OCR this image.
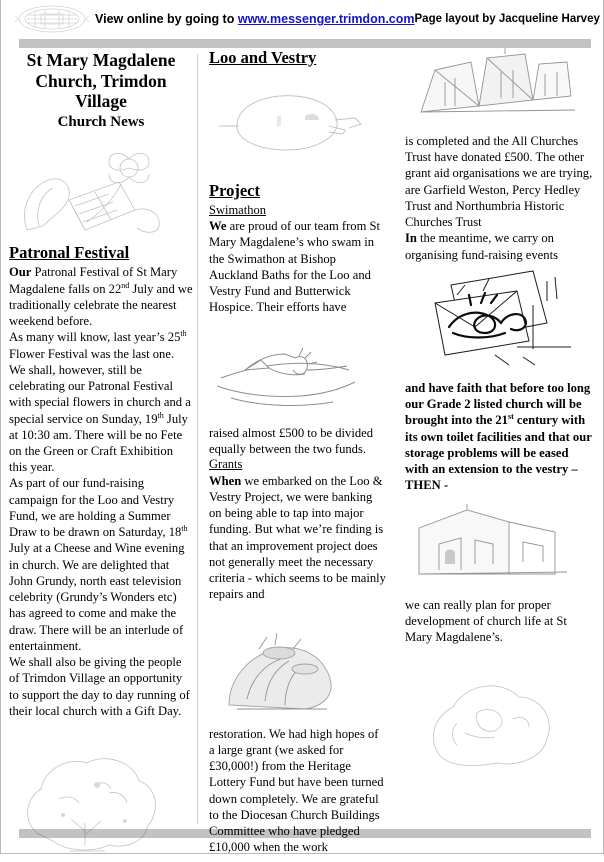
View online by going to www.messenger.trimdon.com Page layout by Jacqueline Harvey
St Mary Magdalene
Church, Trimdon
Village
Church News
Patronal Festival

Our Patronal Festival of St Mary Magdalene falls on 22nd July and we traditionally celebrate the nearest weekend before.

As many will know, last year’s 25th Flower Festival was the last one. We shall, however, still be celebrating our Patronal Festival with special flowers in church and a special service on Sunday, 19th July at 10:30 am. There will be no Fete on the Green or Craft Exhibition this year.

As part of our fund-raising campaign for the Loo and Vestry Fund, we are holding a Summer Draw to be drawn on Saturday, 18th July at a Cheese and Wine evening in church. We are delighted that John Grundy, north east television celebrity (Grundy’s Wonders etc) has agreed to come and make the draw. There will be an interlude of entertainment.

We shall also be giving the people of Trimdon Village an opportunity to support the day to day running of their local church with a Gift Day.

Loo and Vestry
Project
Swimathon

We are proud of our team from St Mary Magdalene’s who swam in the Swimathon at Bishop Auckland Baths for the Loo and Vestry Fund and Butterwick Hospice. Their efforts have

raised almost £500 to be divided equally between the two funds.

Grants

When we embarked on the Loo & Vestry Project, we were banking on being able to tap into major funding. But what we’re finding is that an improvement project does not generally meet the necessary criteria - which seems to be mainly repairs and

restoration. We had high hopes of a large grant (we asked for £30,000!) from the Heritage Lottery Fund but have been turned down completely. We are grateful to the Diocesan Church Buildings Committee who have pledged £10,000 when the work

is completed and the All Churches Trust have donated £500. The other grant aid organisations we are trying, are Garfield Weston, Percy Hedley Trust and Northumbria Historic Churches Trust

In the meantime, we carry on organising fund-raising events

and have faith that before too long our Grade 2 listed church will be brought into the 21st century with its own toilet facilities and that our storage problems will be eased with an extension to the vestry – THEN -

we can really plan for proper development of church life at St Mary Magdalene’s.
